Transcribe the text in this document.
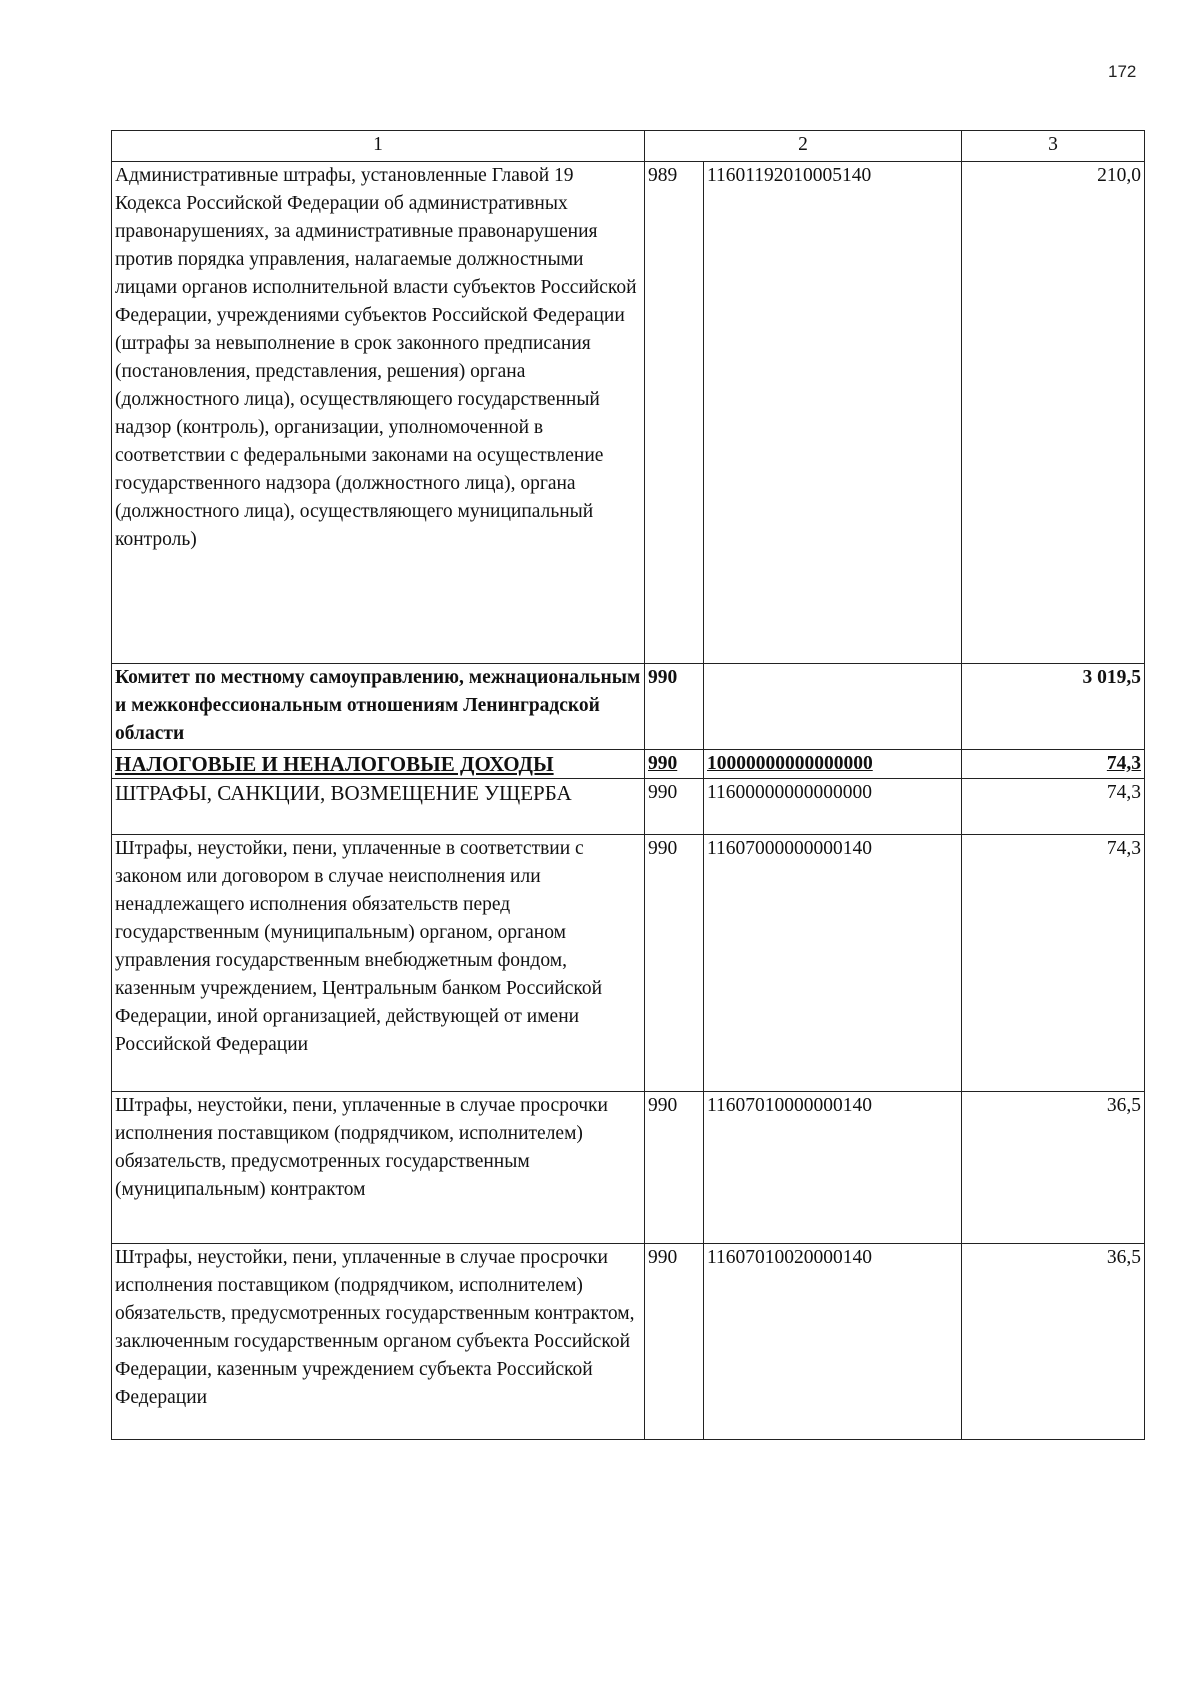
172
1	2		3
Административные штрафы, установленные Главой 19 Кодекса Российской Федерации об административных правонарушениях, за административные правонарушения против порядка управления, налагаемые должностными лицами органов исполнительной власти субъектов Российской Федерации, учреждениями субъектов Российской Федерации (штрафы за невыполнение в срок законного предписания (постановления, представления, решения) органа (должностного лица), осуществляющего государственный надзор (контроль), организации, уполномоченной в соответствии с федеральными законами на осуществление государственного надзора (должностного лица), органа (должностного лица), осуществляющего муниципальный контроль)	989	11601192010005140	210,0
Комитет по местному самоуправлению, межнациональным и межконфессиональным отношениям Ленинградской области	990		3 019,5
НАЛОГОВЫЕ И НЕНАЛОГОВЫЕ ДОХОДЫ	990	10000000000000000	74,3
ШТРАФЫ, САНКЦИИ, ВОЗМЕЩЕНИЕ УЩЕРБА	990	11600000000000000	74,3
Штрафы, неустойки, пени, уплаченные в соответствии с законом или договором в случае неисполнения или ненадлежащего исполнения обязательств перед государственным (муниципальным) органом, органом управления государственным внебюджетным фондом, казенным учреждением, Центральным банком Российской Федерации, иной организацией, действующей от имени Российской Федерации	990	11607000000000140	74,3
Штрафы, неустойки, пени, уплаченные в случае просрочки исполнения поставщиком (подрядчиком, исполнителем) обязательств, предусмотренных государственным (муниципальным) контрактом	990	11607010000000140	36,5
Штрафы, неустойки, пени, уплаченные в случае просрочки исполнения поставщиком (подрядчиком, исполнителем) обязательств, предусмотренных государственным контрактом, заключенным государственным органом субъекта Российской Федерации, казенным учреждением субъекта Российской Федерации	990	11607010020000140	36,5
